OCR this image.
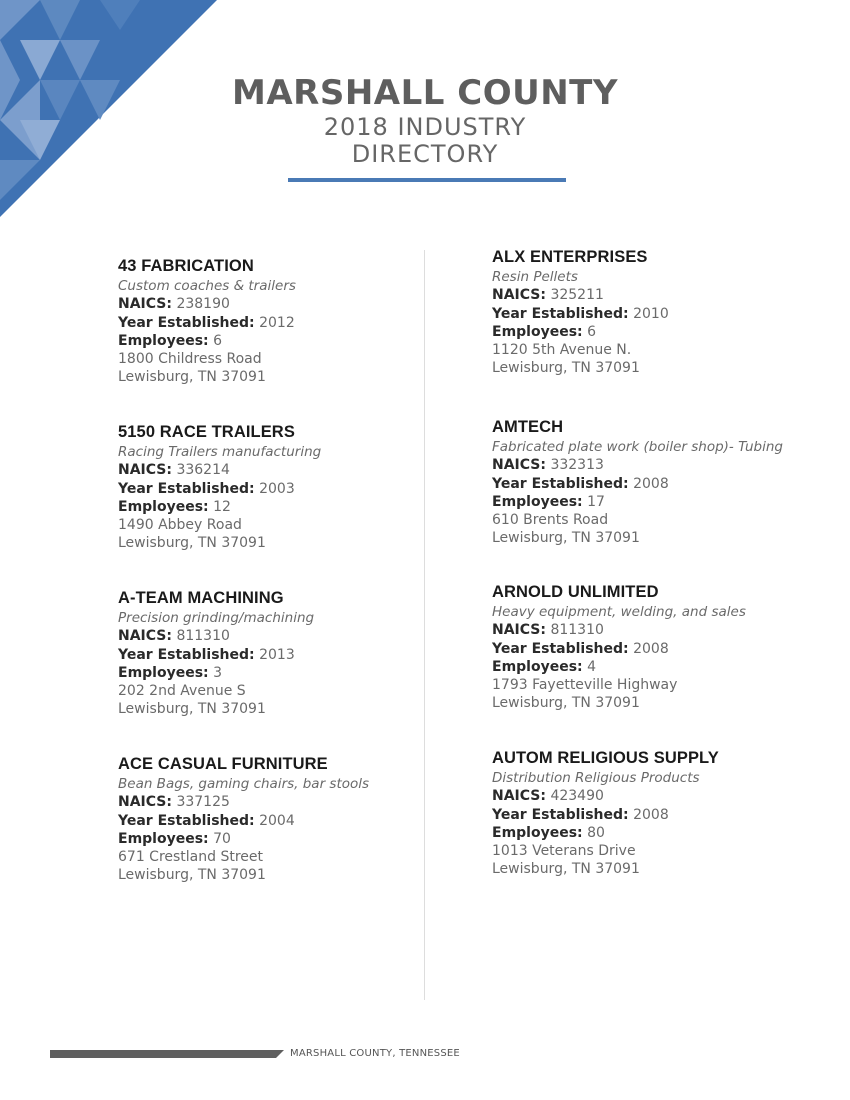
MARSHALL COUNTY
2018 INDUSTRY
DIRECTORY
43 FABRICATION
Custom coaches & trailers
NAICS: 238190
Year Established: 2012
Employees: 6
1800 Childress Road
Lewisburg, TN 37091
5150 RACE TRAILERS
Racing Trailers manufacturing
NAICS: 336214
Year Established: 2003
Employees: 12
1490 Abbey Road
Lewisburg, TN 37091
A-TEAM MACHINING
Precision grinding/machining
NAICS: 811310
Year Established: 2013
Employees: 3
202 2nd Avenue S
Lewisburg, TN 37091
ACE CASUAL FURNITURE
Bean Bags, gaming chairs, bar stools
NAICS: 337125
Year Established: 2004
Employees: 70
671 Crestland Street
Lewisburg, TN 37091
ALX ENTERPRISES
Resin Pellets
NAICS: 325211
Year Established: 2010
Employees: 6
1120 5th Avenue N.
Lewisburg, TN 37091
AMTECH
Fabricated plate work (boiler shop)- Tubing
NAICS: 332313
Year Established: 2008
Employees: 17
610 Brents Road
Lewisburg, TN 37091
ARNOLD UNLIMITED
Heavy equipment, welding, and sales
NAICS: 811310
Year Established: 2008
Employees: 4
1793 Fayetteville Highway
Lewisburg, TN 37091
AUTOM RELIGIOUS SUPPLY
Distribution Religious Products
NAICS: 423490
Year Established: 2008
Employees: 80
1013 Veterans Drive
Lewisburg, TN 37091
MARSHALL COUNTY, TENNESSEE
